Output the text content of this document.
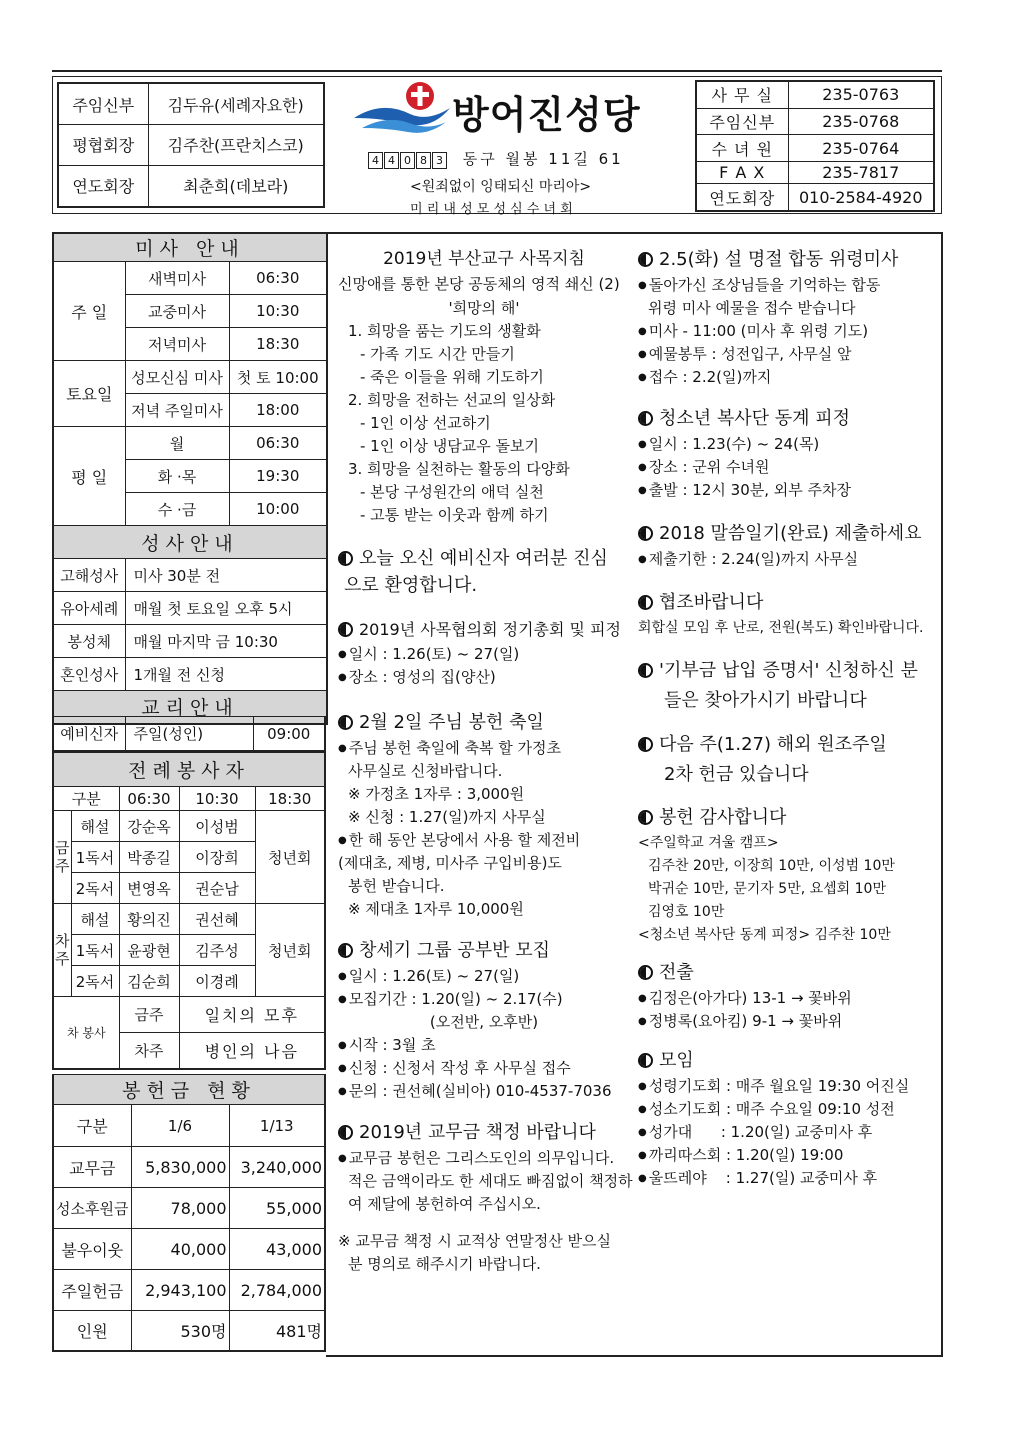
주임신부	김두유(세례자요한)
평협회장	김주찬(프란치스코)
연도회장	최춘희(데보라)
방어진성당
4 4 0 8 3 동구 월봉 11길 61
<원죄없이 잉태되신 마리아>
미 리 내 성 모 성 심 수 녀 회
사 무 실	235-0763
주임신부	235-0768
수 녀 원	235-0764
F A X	235-7817
연도회장	010-2584-4920
미사 안내		
주 일	새벽미사	06:30
	교중미사	10:30
	저녁미사	18:30
토요일	성모신심 미사	첫 토 10:00
	저녁 주일미사	18:00
평 일	월	06:30
	화 ·목	19:30
	수 ·금	10:00
성사안내		
고해성사	미사 30분 전	
유아세례	매월 첫 토요일 오후 5시	
봉성체	매월 마지막 금 10:30	
혼인성사	1개월 전 신청	
교리안내		
예비신자	주일(성인)	09:00
전례봉사자				
구분		06:30	10:30	18:30
금주	해설	강순옥	이성범	청년회
	1독서	박종길	이장희	
	2독서	변영옥	권순남	
차주	해설	황의진	권선혜	청년회
	1독서	윤광현	김주성	
	2독서	김순희	이경례	
차 봉사		금주	일치의 모후	
		차주	병인의 나음	
봉헌금 현황		
구분	1/6	1/13
교무금	5,830,000	3,240,000
성소후원금	78,000	55,000
불우이웃	40,000	43,000
주일헌금	2,943,100	2,784,000
인원	530명	481명
2019년 부산교구 사목지침
신망애를 통한 본당 공동체의 영적 쇄신 (2)
'희망의 해'
1. 희망을 품는 기도의 생활화
- 가족 기도 시간 만들기
- 죽은 이들을 위해 기도하기
2. 희망을 전하는 선교의 일상화
- 1인 이상 선교하기
- 1인 이상 냉담교우 돌보기
3. 희망을 실천하는 활동의 다양화
- 본당 구성원간의 애덕 실천
- 고통 받는 이웃과 함께 하기
오늘 오신 예비신자 여러분 진심
으로 환영합니다.
2019년 사목협의회 정기총회 및 피정
● 일시 : 1.26(토) ~ 27(일)
● 장소 : 영성의 집(양산)
2월 2일 주님 봉헌 축일
● 주님 봉헌 축일에 축복 할 가정초
사무실로 신청바랍니다.
※ 가정초 1자루 : 3,000원
※ 신청 : 1.27(일)까지 사무실
● 한 해 동안 본당에서 사용 할 제전비
(제대초, 제병, 미사주 구입비용)도
봉헌 받습니다.
※ 제대초 1자루 10,000원
창세기 그룹 공부반 모집
● 일시 : 1.26(토) ~ 27(일)
● 모집기간 : 1.20(일) ~ 2.17(수)
(오전반, 오후반)
● 시작 : 3월 초
● 신청 : 신청서 작성 후 사무실 접수
● 문의 : 권선혜(실비아) 010-4537-7036
2019년 교무금 책정 바랍니다
● 교무금 봉헌은 그리스도인의 의무입니다.
적은 금액이라도 한 세대도 빠짐없이 책정하
여 제달에 봉헌하여 주십시오.
※ 교무금 책정 시 교적상 연말정산 받으실
분 명의로 해주시기 바랍니다.
2.5(화) 설 명절 합동 위령미사
● 돌아가신 조상님들을 기억하는 합동
위령 미사 예물을 접수 받습니다
● 미사 - 11:00 (미사 후 위령 기도)
● 예물봉투 : 성전입구, 사무실 앞
● 접수 : 2.2(일)까지
청소년 복사단 동계 피정
● 일시 : 1.23(수) ~ 24(목)
● 장소 : 군위 수녀원
● 출발 : 12시 30분, 외부 주차장
2018 말씀일기(완료) 제출하세요
● 제출기한 : 2.24(일)까지 사무실
협조바랍니다
회합실 모임 후 난로, 전원(복도) 확인바랍니다.
'기부금 납입 증명서' 신청하신 분
들은 찾아가시기 바랍니다
다음 주(1.27) 해외 원조주일
2차 헌금 있습니다
봉헌 감사합니다
<주일학교 겨울 캠프>
김주찬 20만, 이장희 10만, 이성범 10만
박귀순 10만, 문기자 5만, 요셉회 10만
김영호 10만
<청소년 복사단 동계 피정> 김주찬 10만
전출
● 김정은(아가다) 13-1 → 꽃바위
● 정병록(요아킴) 9-1 → 꽃바위
모임
● 성령기도회 : 매주 월요일 19:30 어진실
● 성소기도회 : 매주 수요일 09:10 성전
● 성가대      : 1.20(일) 교중미사 후
● 까리따스회 : 1.20(일) 19:00
● 울뜨레야    : 1.27(일) 교중미사 후
